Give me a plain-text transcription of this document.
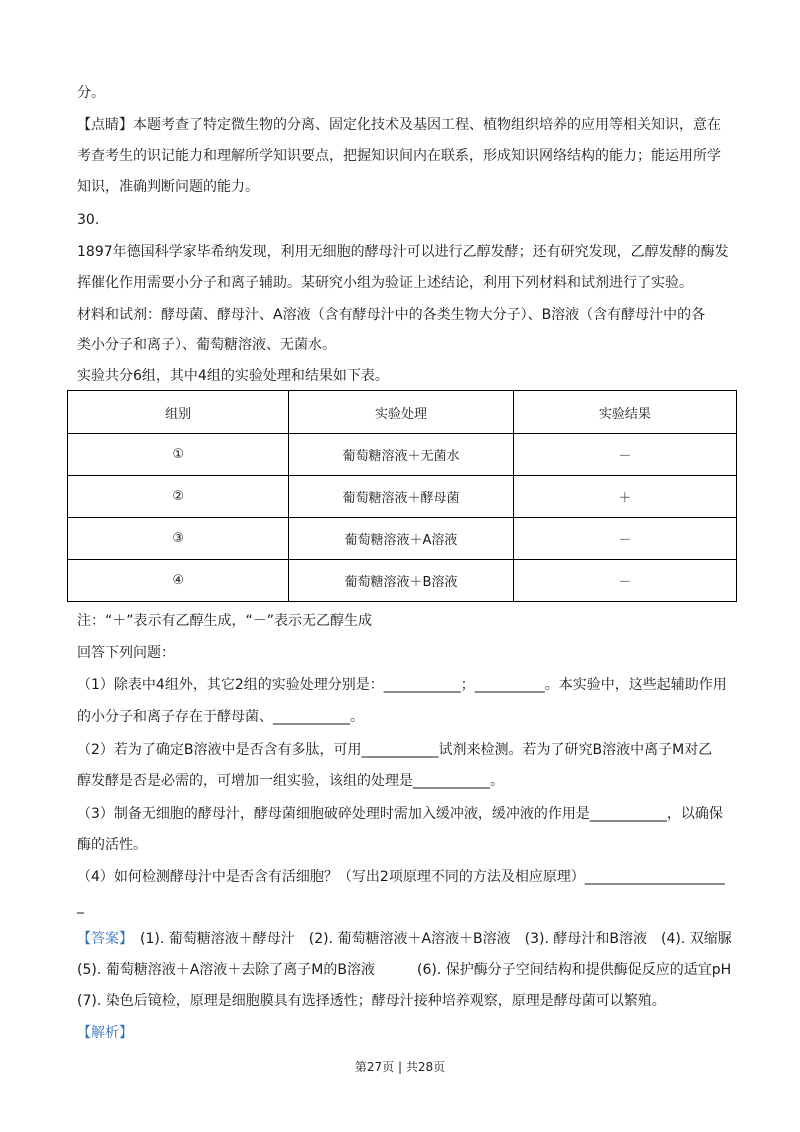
分。
【点睛】本题考查了特定微生物的分离、固定化技术及基因工程、植物组织培养的应用等相关知识，意在
考查考生的识记能力和理解所学知识要点，把握知识间内在联系，形成知识网络结构的能力；能运用所学
知识，准确判断问题的能力。
30.
1897年德国科学家毕希纳发现，利用无细胞的酵母汁可以进行乙醇发酵；还有研究发现，乙醇发酵的酶发
挥催化作用需要小分子和离子辅助。某研究小组为验证上述结论，利用下列材料和试剂进行了实验。
材料和试剂：酵母菌、酵母汁、A溶液（含有酵母汁中的各类生物大分子）、B溶液（含有酵母汁中的各
类小分子和离子）、葡萄糖溶液、无菌水。
实验共分6组，其中4组的实验处理和结果如下表。
组别	实验处理	实验结果
①	葡萄糖溶液＋无菌水	－
②	葡萄糖溶液＋酵母菌	＋
③	葡萄糖溶液＋A溶液	－
④	葡萄糖溶液＋B溶液	－
注：“＋”表示有乙醇生成，“－”表示无乙醇生成
回答下列问题：
（1）除表中4组外，其它2组的实验处理分别是：___________；__________。本实验中，这些起辅助作用
的小分子和离子存在于酵母菌、___________。
（2）若为了确定B溶液中是否含有多肽，可用___________试剂来检测。若为了研究B溶液中离子M对乙
醇发酵是否是必需的，可增加一组实验，该组的处理是___________。
（3）制备无细胞的酵母汁，酵母菌细胞破碎处理时需加入缓冲液，缓冲液的作用是___________，以确保
酶的活性。
（4）如何检测酵母汁中是否含有活细胞？（写出2项原理不同的方法及相应原理）____________________
_
【答案】　 (1). 葡萄糖溶液＋酵母汁　(2). 葡萄糖溶液＋A溶液＋B溶液　(3). 酵母汁和B溶液　(4). 双缩脲
(5). 葡萄糖溶液＋A溶液＋去除了离子M的B溶液　　　(6). 保护酶分子空间结构和提供酶促反应的适宜pH
(7). 染色后镜检，原理是细胞膜具有选择透性；酵母汁接种培养观察，原理是酵母菌可以繁殖。
【解析】
第27页 | 共28页
